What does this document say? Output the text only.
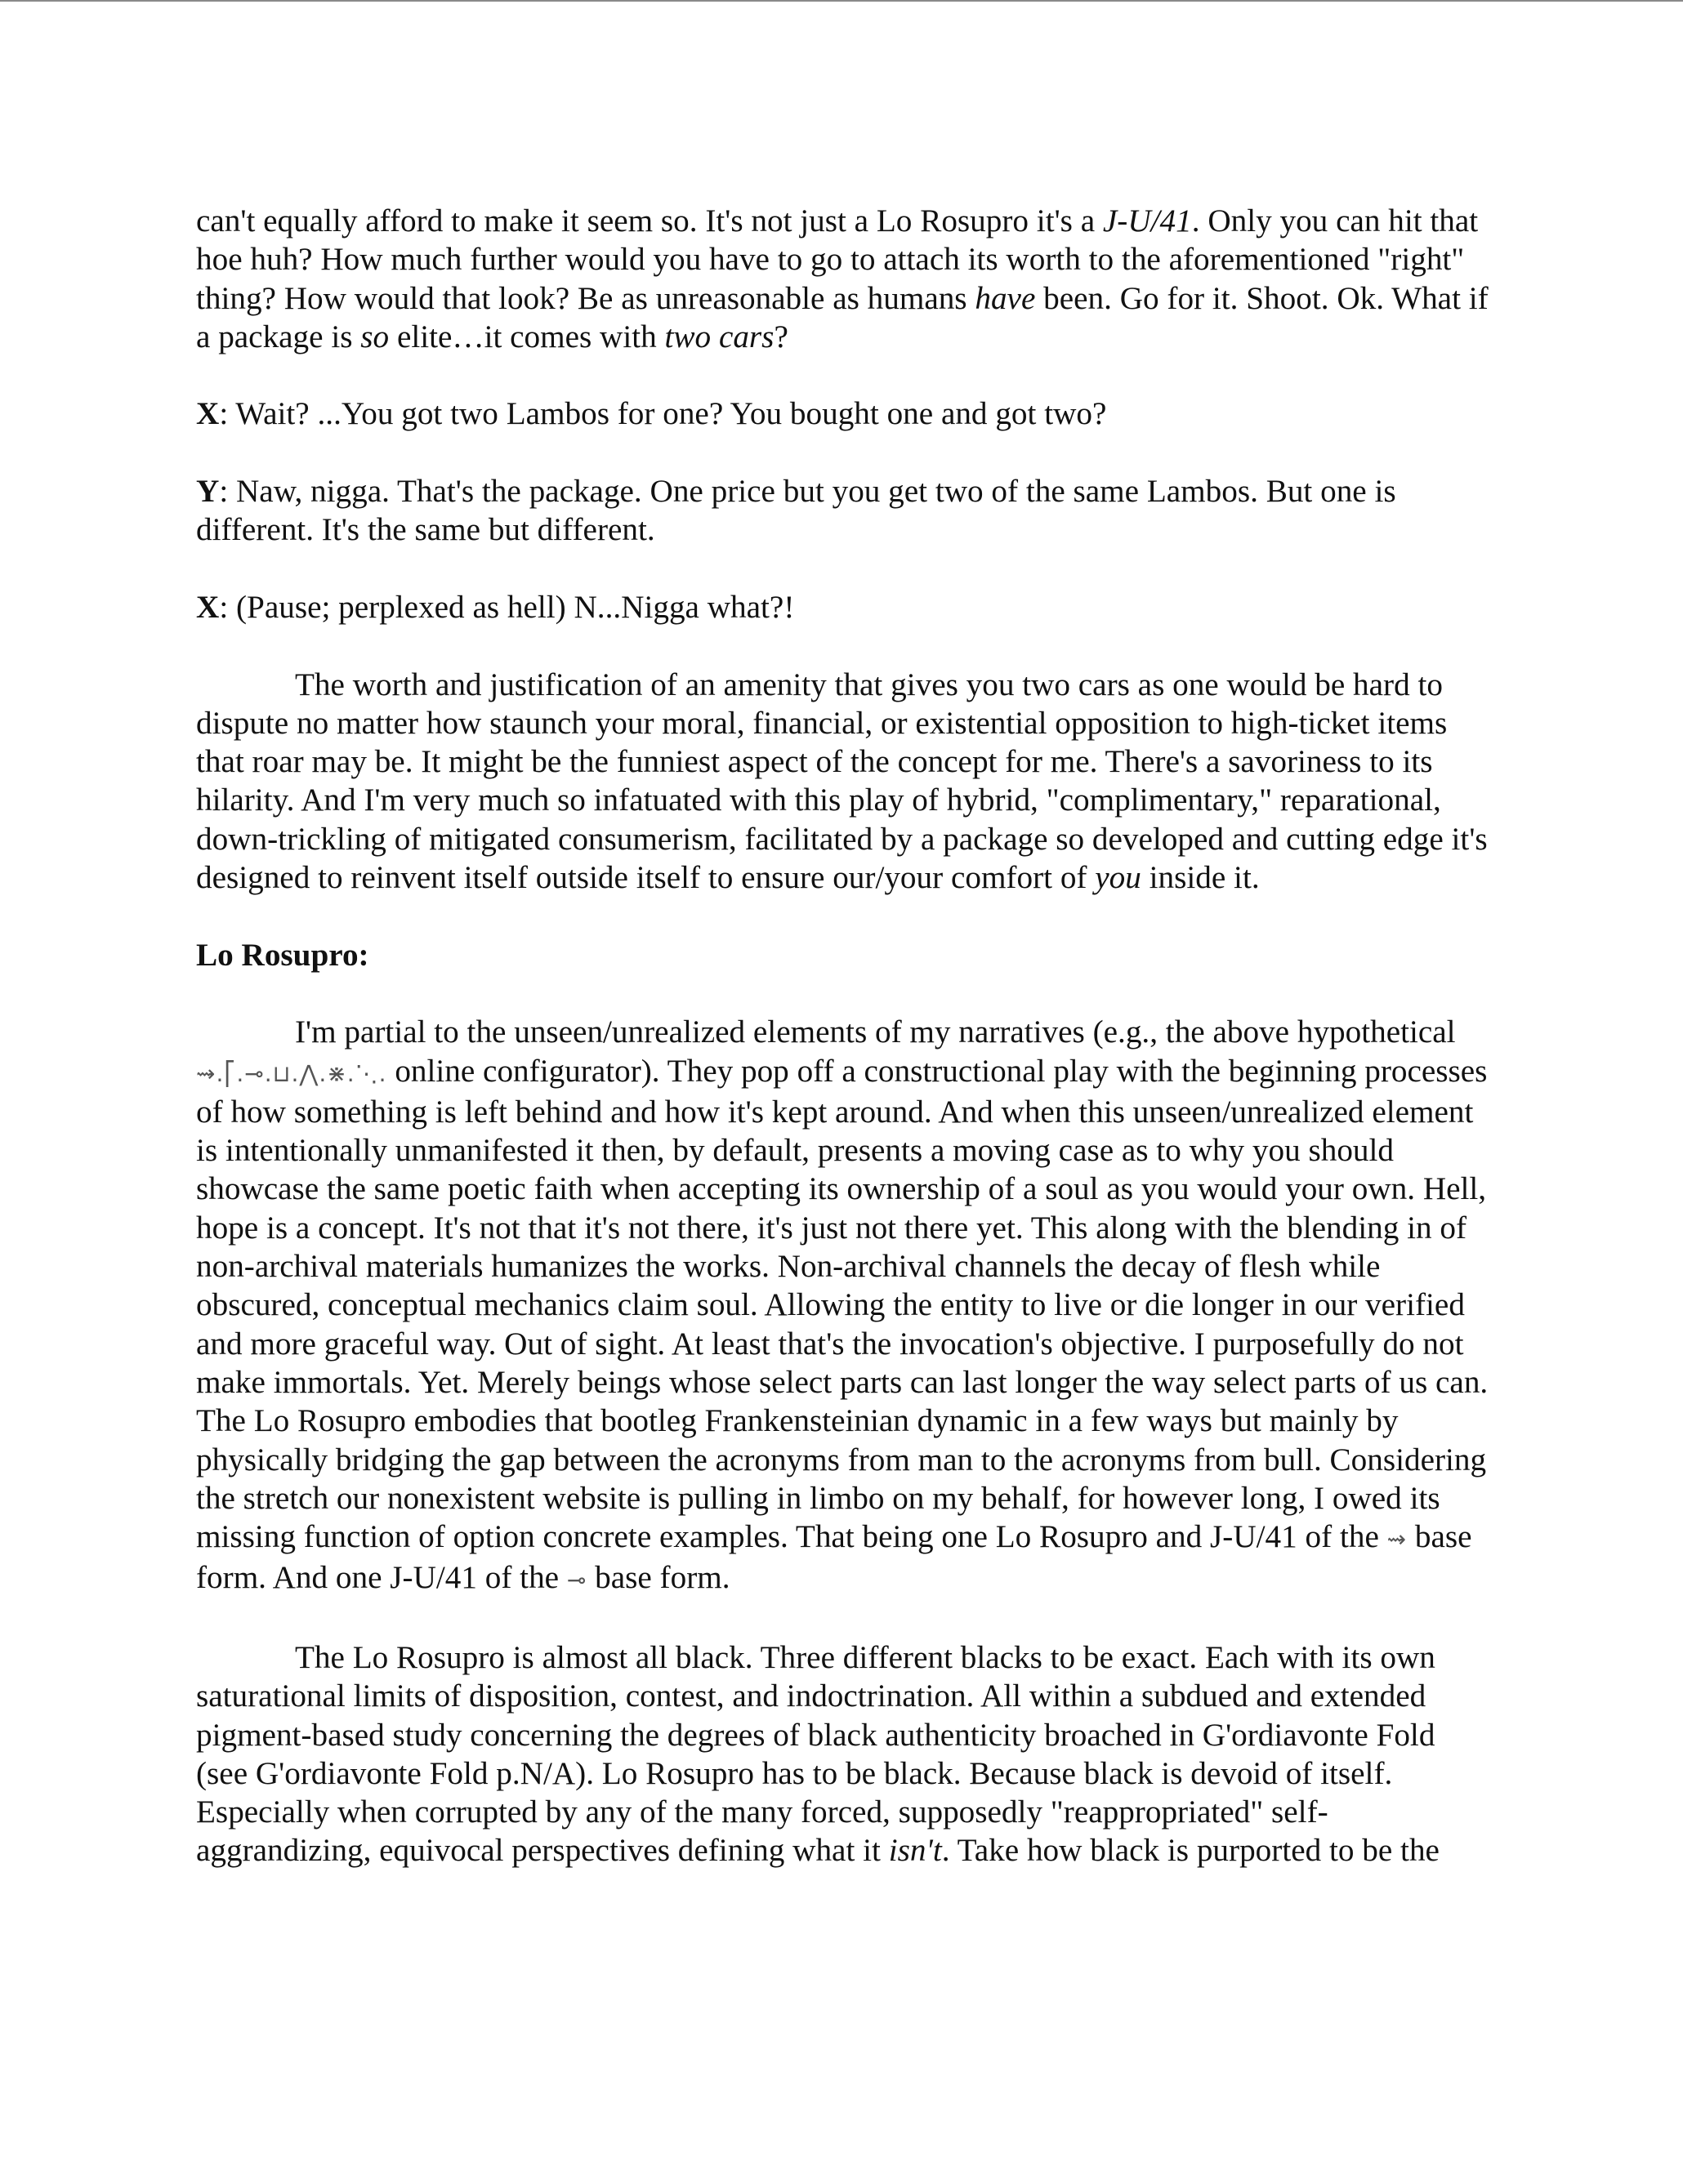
can't equally afford to make it seem so. It's not just a Lo Rosupro it's a J-U/41. Only you can hit that hoe huh? How much further would you have to go to attach its worth to the aforementioned "right" thing? How would that look? Be as unreasonable as humans have been. Go for it. Shoot. Ok. What if a package is so elite…it comes with two cars?

X: Wait? ...You got two Lambos for one? You bought one and got two?

Y: Naw, nigga. That's the package. One price but you get two of the same Lambos. But one is different. It's the same but different.

X: (Pause; perplexed as hell) N...Nigga what?!

The worth and justification of an amenity that gives you two cars as one would be hard to dispute no matter how staunch your moral, financial, or existential opposition to high-ticket items that roar may be. It might be the funniest aspect of the concept for me. There's a savoriness to its hilarity. And I'm very much so infatuated with this play of hybrid, "complimentary," reparational, down-trickling of mitigated consumerism, facilitated by a package so developed and cutting edge it's designed to reinvent itself outside itself to ensure our/your comfort of you inside it.

Lo Rosupro:

I'm partial to the unseen/unrealized elements of my narratives (e.g., the above hypothetical ⇝.⎡.⊸.⊔.⋀.⋇.⋱. online configurator). They pop off a constructional play with the beginning processes of how something is left behind and how it's kept around. And when this unseen/unrealized element is intentionally unmanifested it then, by default, presents a moving case as to why you should showcase the same poetic faith when accepting its ownership of a soul as you would your own. Hell, hope is a concept. It's not that it's not there, it's just not there yet. This along with the blending in of non-archival materials humanizes the works. Non-archival channels the decay of flesh while obscured, conceptual mechanics claim soul. Allowing the entity to live or die longer in our verified and more graceful way. Out of sight. At least that's the invocation's objective. I purposefully do not make immortals. Yet. Merely beings whose select parts can last longer the way select parts of us can. The Lo Rosupro embodies that bootleg Frankensteinian dynamic in a few ways but mainly by physically bridging the gap between the acronyms from man to the acronyms from bull. Considering the stretch our nonexistent website is pulling in limbo on my behalf, for however long, I owed its missing function of option concrete examples. That being one Lo Rosupro and J-U/41 of the ⇝ base form. And one J-U/41 of the ⊸ base form.

The Lo Rosupro is almost all black. Three different blacks to be exact. Each with its own saturational limits of disposition, contest, and indoctrination. All within a subdued and extended pigment-based study concerning the degrees of black authenticity broached in G'ordiavonte Fold (see G'ordiavonte Fold p.N/A). Lo Rosupro has to be black. Because black is devoid of itself. Especially when corrupted by any of the many forced, supposedly "reappropriated" self-aggrandizing, equivocal perspectives defining what it isn't. Take how black is purported to be the
